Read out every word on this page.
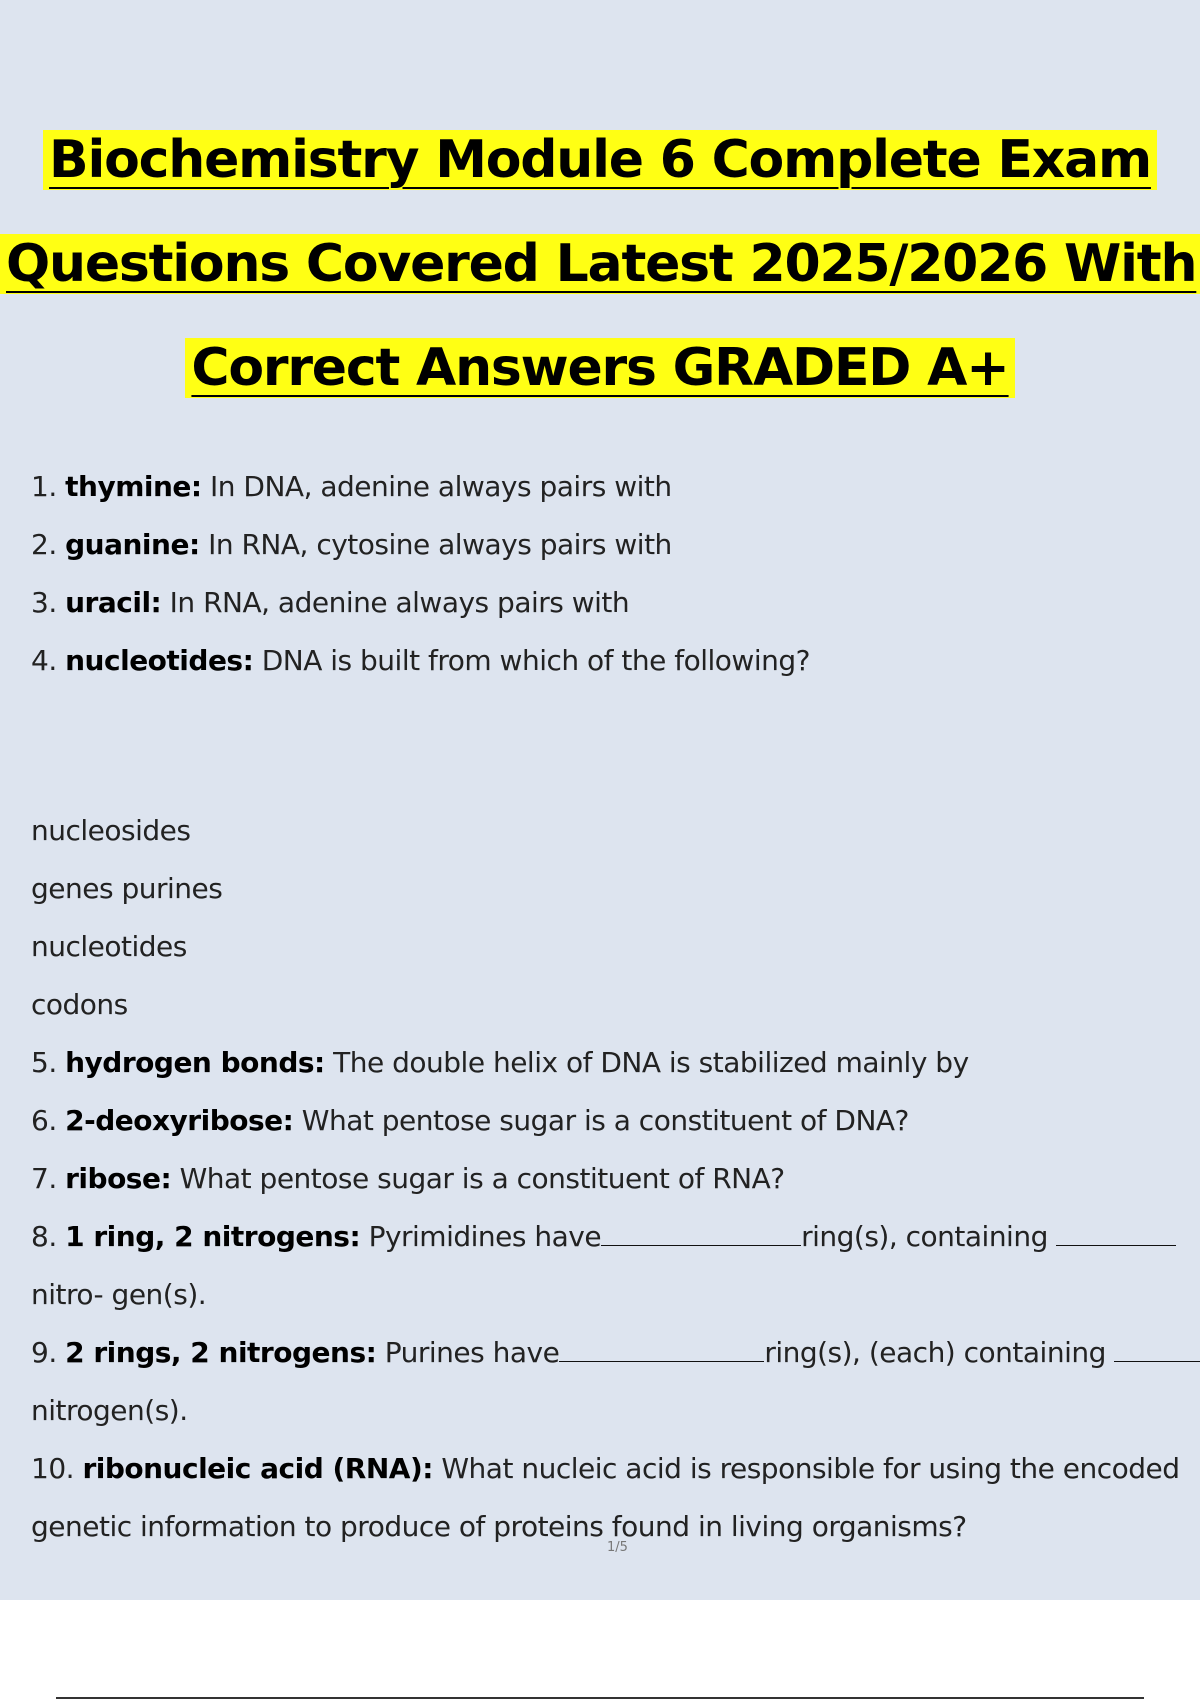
Biochemistry Module 6 Complete Exam
Questions Covered Latest 2025/2026 With
Correct Answers GRADED A+
1. thymine: In DNA, adenine always pairs with
2. guanine: In RNA, cytosine always pairs with
3. uracil: In RNA, adenine always pairs with
4. nucleotides: DNA is built from which of the following?
nucleosides
genes purines
nucleotides
codons
5. hydrogen bonds: The double helix of DNA is stabilized mainly by
6. 2-deoxyribose: What pentose sugar is a constituent of DNA?
7. ribose: What pentose sugar is a constituent of RNA?
8. 1 ring, 2 nitrogens: Pyrimidines have	ring(s), containing
nitro- gen(s).
9. 2 rings, 2 nitrogens: Purines have	ring(s), (each) containing
nitrogen(s).
10. ribonucleic acid (RNA): What nucleic acid is responsible for using the encoded
genetic information to produce of proteins found in living organisms?
1/5
